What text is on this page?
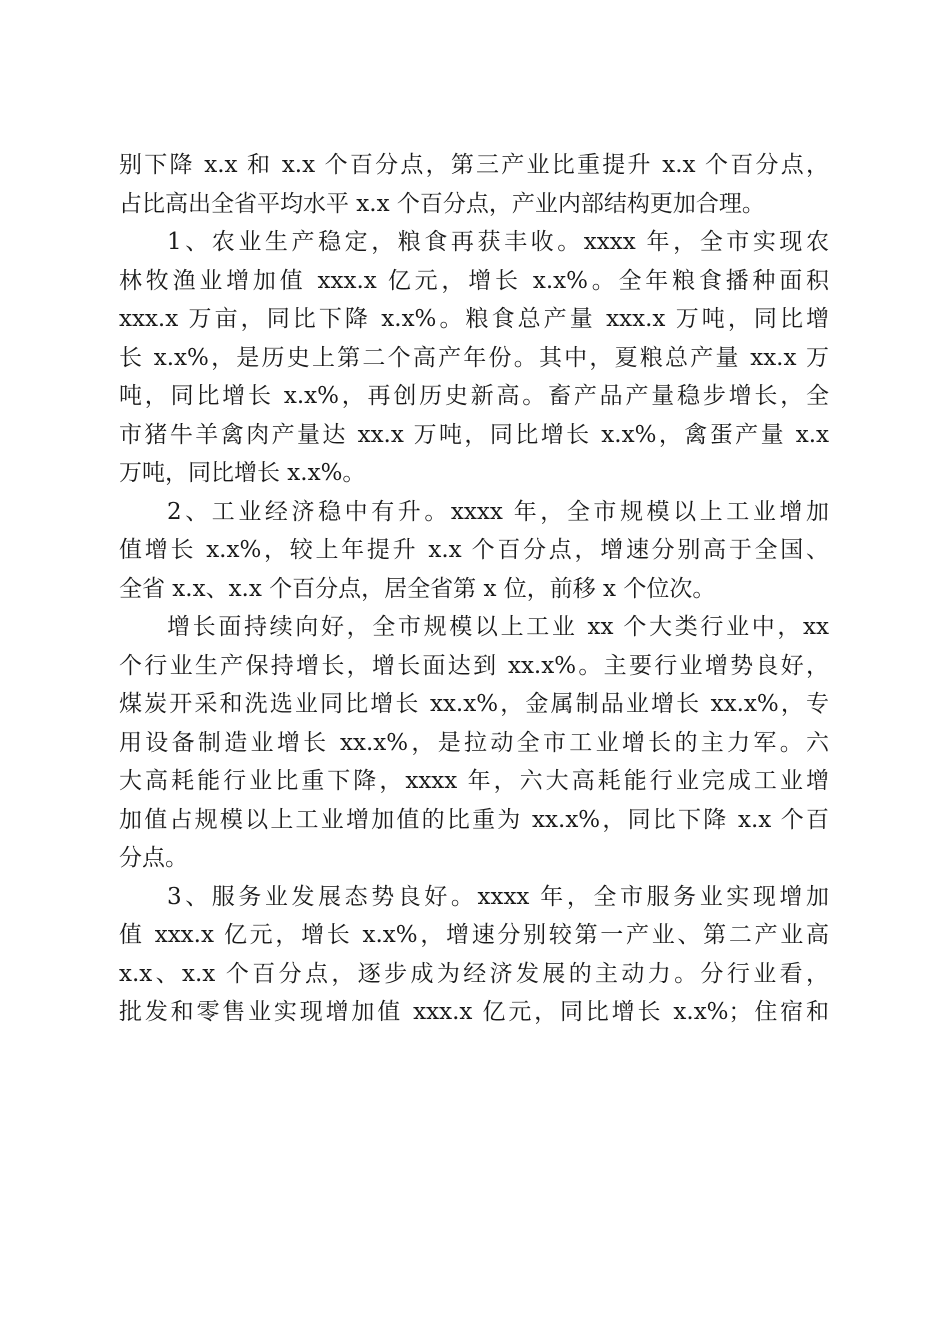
别下降 x.x 和 x.x 个百分点，第三产业比重提升 x.x 个百分点，
占比高出全省平均水平 x.x 个百分点，产业内部结构更加合理。
1、农业生产稳定，粮食再获丰收。xxxx 年，全市实现农
林牧渔业增加值 xxx.x 亿元，增长 x.x%。全年粮食播种面积
xxx.x 万亩，同比下降 x.x%。粮食总产量 xxx.x 万吨，同比增
长 x.x%，是历史上第二个高产年份。其中，夏粮总产量 xx.x 万
吨，同比增长 x.x%，再创历史新高。畜产品产量稳步增长，全
市猪牛羊禽肉产量达 xx.x 万吨，同比增长 x.x%，禽蛋产量 x.x
万吨，同比增长 x.x%。
2、工业经济稳中有升。xxxx 年，全市规模以上工业增加
值增长 x.x%，较上年提升 x.x 个百分点，增速分别高于全国、
全省 x.x、x.x 个百分点，居全省第 x 位，前移 x 个位次。
增长面持续向好，全市规模以上工业 xx 个大类行业中，xx
个行业生产保持增长，增长面达到 xx.x%。主要行业增势良好，
煤炭开采和洗选业同比增长 xx.x%，金属制品业增长 xx.x%，专
用设备制造业增长 xx.x%，是拉动全市工业增长的主力军。六
大高耗能行业比重下降，xxxx 年，六大高耗能行业完成工业增
加值占规模以上工业增加值的比重为 xx.x%，同比下降 x.x 个百
分点。
3、服务业发展态势良好。xxxx 年，全市服务业实现增加
值 xxx.x 亿元，增长 x.x%，增速分别较第一产业、第二产业高
x.x、x.x 个百分点，逐步成为经济发展的主动力。分行业看，
批发和零售业实现增加值 xxx.x 亿元，同比增长 x.x%；住宿和
